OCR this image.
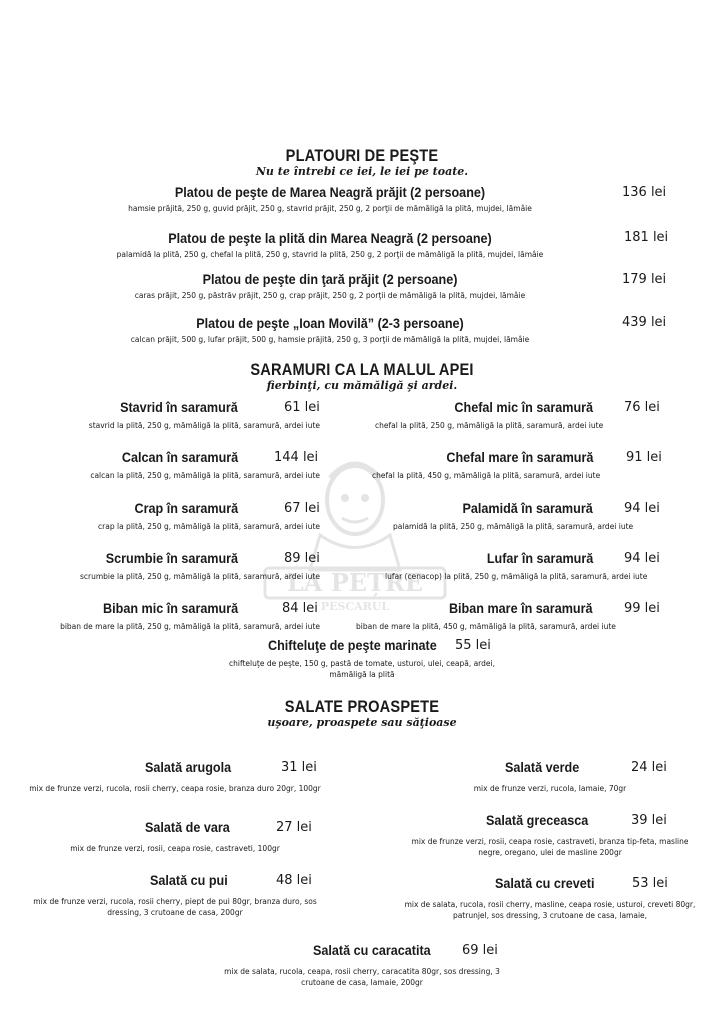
LA PEȚRE
PESCARUL
PLATOURI DE PEŞTE
Nu te întrebi ce iei, le iei pe toate.
Platou de peşte de Marea Neagră prăjit (2 persoane)
hamsie prăjită, 250 g, guvid prăjit, 250 g, stavrid prăjit, 250 g, 2 porţii de mămăligă la plită, mujdei, lămâie
136 lei
Platou de peşte la plită din Marea Neagră (2 persoane)
palamidă la plită, 250 g, chefal la plită, 250 g, stavrid la plită, 250 g, 2 porţii de mămăligă la plită, mujdei, lămâie
181 lei
Platou de peşte din ţară prăjit (2 persoane)
caras prăjit, 250 g, păstrăv prăjit, 250 g, crap prăjit, 250 g, 2 porţii de mămăligă la plită, mujdei, lămâie
179 lei
Platou de peşte „Ioan Movilă” (2-3 persoane)
calcan prăjit, 500 g, lufar prăjit, 500 g, hamsie prăjită, 250 g, 3 porţii de mămăligă la plită, mujdei, lămâie
439 lei
SARAMURI CA LA MALUL APEI
fierbinţi, cu mămăligă şi ardei.
Stavrid în saramură	61 lei
stavrid la plită, 250 g, mămăligă la plită, saramură, ardei iute
Calcan în saramură	144 lei
calcan la plită, 250 g, mămăligă la plită, saramură, ardei iute
Crap în saramură	67 lei
crap la plită, 250 g, mămăligă la plită, saramură, ardei iute
Scrumbie în saramură	89 lei
scrumbie la plită, 250 g, mămăligă la plită, saramură, ardei iute
Biban mic în saramură	84 lei
biban de mare la plită, 250 g, mămăligă la plită, saramură, ardei iute
Chefal mic în saramură 76 lei
chefal la plită, 250 g, mămăligă la plită, saramură, ardei iute
Chefal mare în saramură	91 lei
chefal la plită, 450 g, mămăligă la plită, saramură, ardei iute
Palamidă în saramură 94 lei
palamidă la plită, 250 g, mămăligă la plită, saramură, ardei iute
Lufar în saramură 94 lei
lufar (cenacop) la plită, 250 g, mămăligă la plită, saramură, ardei iute
Biban mare în saramură 99 lei
biban de mare la plită, 450 g, mămăligă la plită, saramură, ardei iute
Chifteluţe de peşte marinate 55 lei
chifteluţe de peşte, 150 g, pastă de tomate, usturoi, ulei, ceapă, ardei,
mămăligă la plită
SALATE PROASPETE
uşoare, proaspete sau săţioase
Salată arugola	31 lei
mix de frunze verzi, rucola, rosii cherry, ceapa rosie, branza duro 20gr, 100gr
Salată de vara	27 lei
mix de frunze verzi, rosii, ceapa rosie, castraveti, 100gr
Salată cu pui	48 lei
mix de frunze verzi, rucola, rosii cherry, piept de pui 80gr, branza duro, sos dressing, 3 crutoane de casa, 200gr
Salată verde	24 lei
mix de frunze verzi, rucola, lamaie, 70gr
Salată greceasca	39 lei
mix de frunze verzi, rosii, ceapa rosie, castraveti, branza tip-feta, masline negre, oregano, ulei de masline 200gr
Salată cu creveti	53 lei
mix de salata, rucola, rosii cherry, masline, ceapa rosie, usturoi, creveti 80gr, patrunjel, sos dressing, 3 crutoane de casa, lamaie,
Salată cu caracatita 69 lei
mix de salata, rucola, ceapa, rosii cherry, caracatita 80gr, sos dressing, 3 crutoane de casa, lamaie, 200gr
